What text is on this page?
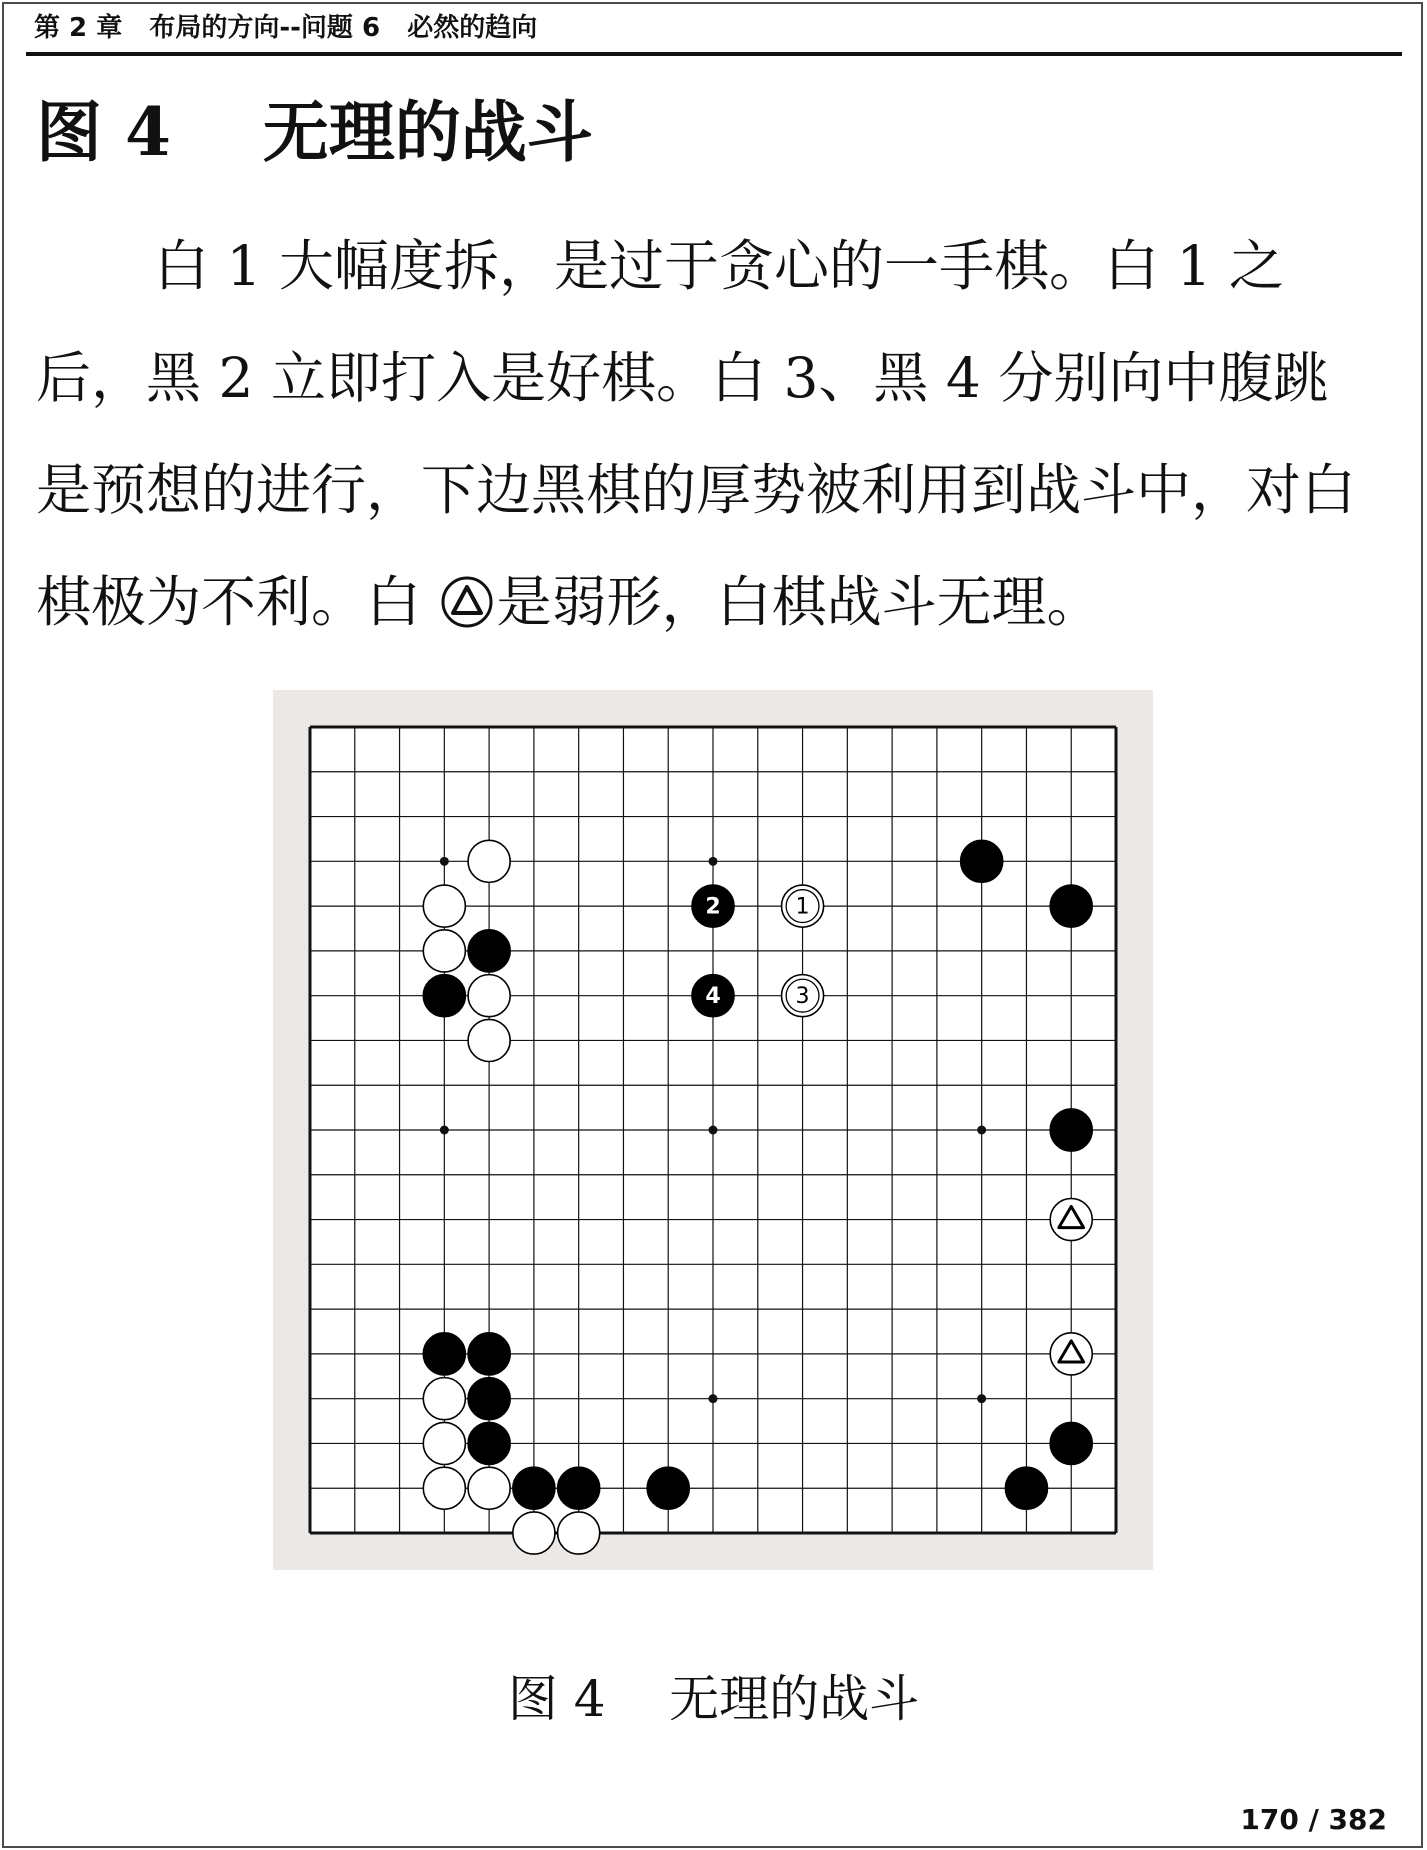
第 2 章   布局的方向--问题 6   必然的趋向
图 4    无理的战斗
白 1 大幅度拆，是过于贪心的一手棋。白 1 之
后，黑 2 立即打入是好棋。白 3、黑 4 分别向中腹跳
是预想的进行，下边黑棋的厚势被利用到战斗中，对白
棋极为不利。白 是弱形，白棋战斗无理。
2	1
4	3
图 4    无理的战斗
170 / 382
